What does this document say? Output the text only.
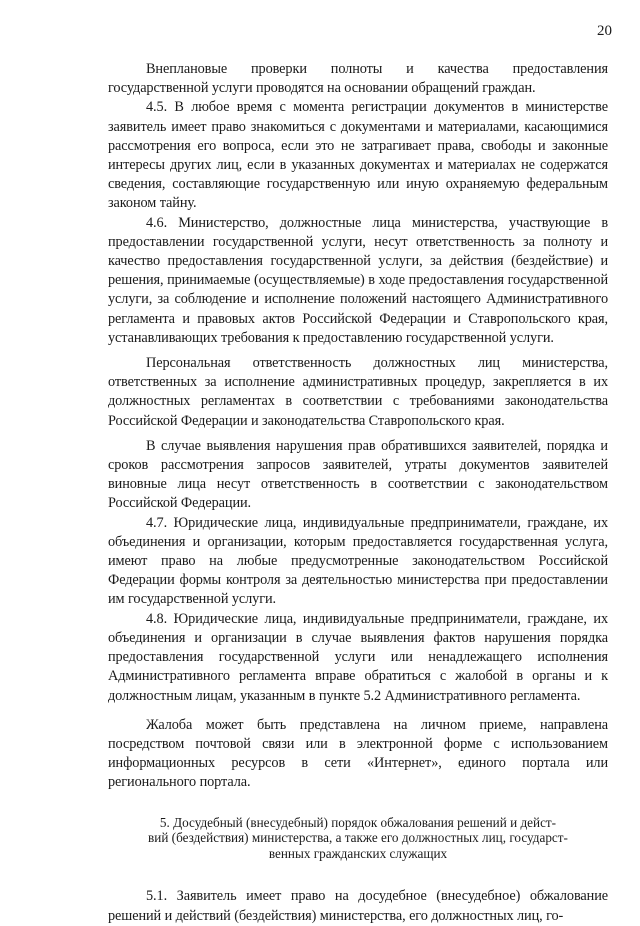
20

Внеплановые проверки полноты и качества предоставления государственной услуги проводятся на основании обращений граждан.

4.5. В любое время с момента регистрации документов в министерстве заявитель имеет право знакомиться с документами и материалами, касающимися рассмотрения его вопроса, если это не затрагивает права, свободы и законные интересы других лиц, если в указанных документах и материалах не содержатся сведения, составляющие государственную или иную охраняемую федеральным законом тайну.

4.6. Министерство, должностные лица министерства, участвующие в предоставлении государственной услуги, несут ответственность за полноту и качество предоставления государственной услуги, за действия (бездействие) и решения, принимаемые (осуществляемые) в ходе предоставления государственной услуги, за соблюдение и исполнение положений настоящего Административного регламента и правовых актов Российской Федерации и Ставропольского края, устанавливающих требования к предоставлению государственной услуги.

Персональная ответственность должностных лиц министерства, ответственных за исполнение административных процедур, закрепляется в их должностных регламентах в соответствии с требованиями законодательства Российской Федерации и законодательства Ставропольского края.

В случае выявления нарушения прав обратившихся заявителей, порядка и сроков рассмотрения запросов заявителей, утраты документов заявителей виновные лица несут ответственность в соответствии с законодательством Российской Федерации.

4.7. Юридические лица, индивидуальные предприниматели, граждане, их объединения и организации, которым предоставляется государственная услуга, имеют право на любые предусмотренные законодательством Российской Федерации формы контроля за деятельностью министерства при предоставлении им государственной услуги.

4.8. Юридические лица, индивидуальные предприниматели, граждане, их объединения и организации в случае выявления фактов нарушения порядка предоставления государственной услуги или ненадлежащего исполнения Административного регламента вправе обратиться с жалобой в органы и к должностным лицам, указанным в пункте 5.2 Административного регламента.

Жалоба может быть представлена на личном приеме, направлена посредством почтовой связи или в электронной форме с использованием информационных ресурсов в сети «Интернет», единого портала или регионального портала.

5. Досудебный (внесудебный) порядок обжалования решений и дейст-
вий (бездействия) министерства, а также его должностных лиц, государст-
венных гражданских служащих

5.1. Заявитель имеет право на досудебное (внесудебное) обжалование решений и действий (бездействия) министерства, его должностных лиц, го-
